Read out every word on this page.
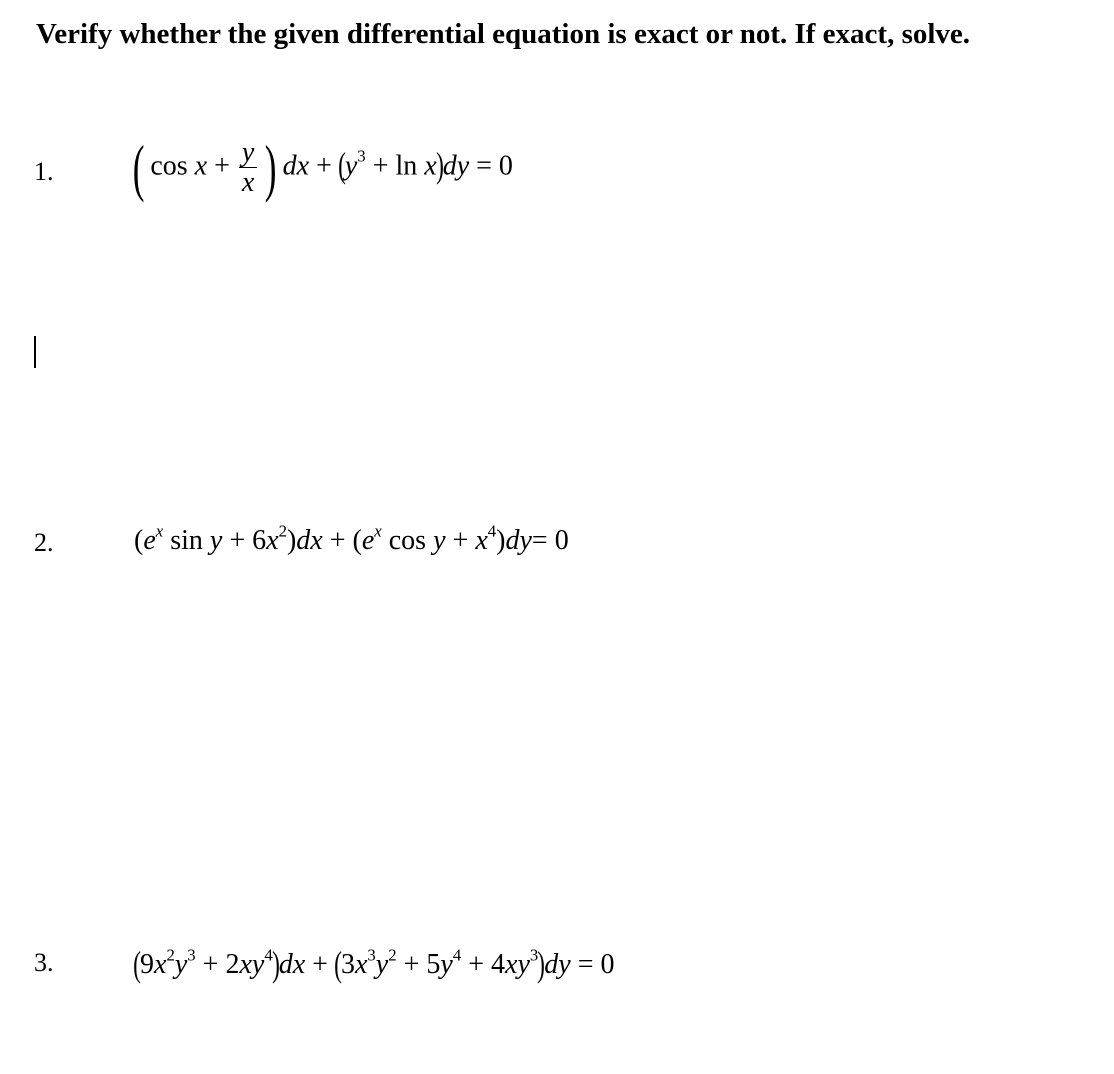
Verify whether the given differential equation is exact or not. If exact, solve.
1. ( $\cos x + \frac{y}{x}$ ) dx + $(y^3 + \ln x)dy = 0$
2.	($e^x$ $\sin y + 6x^2)dx + (e^x$ $\cos y + x^4)dy= 0$
3. $(9x^2y^3 + 2xy^4)dx + (3x^3y^2 + 5y^4 + 4xy^3)dy = 0$
